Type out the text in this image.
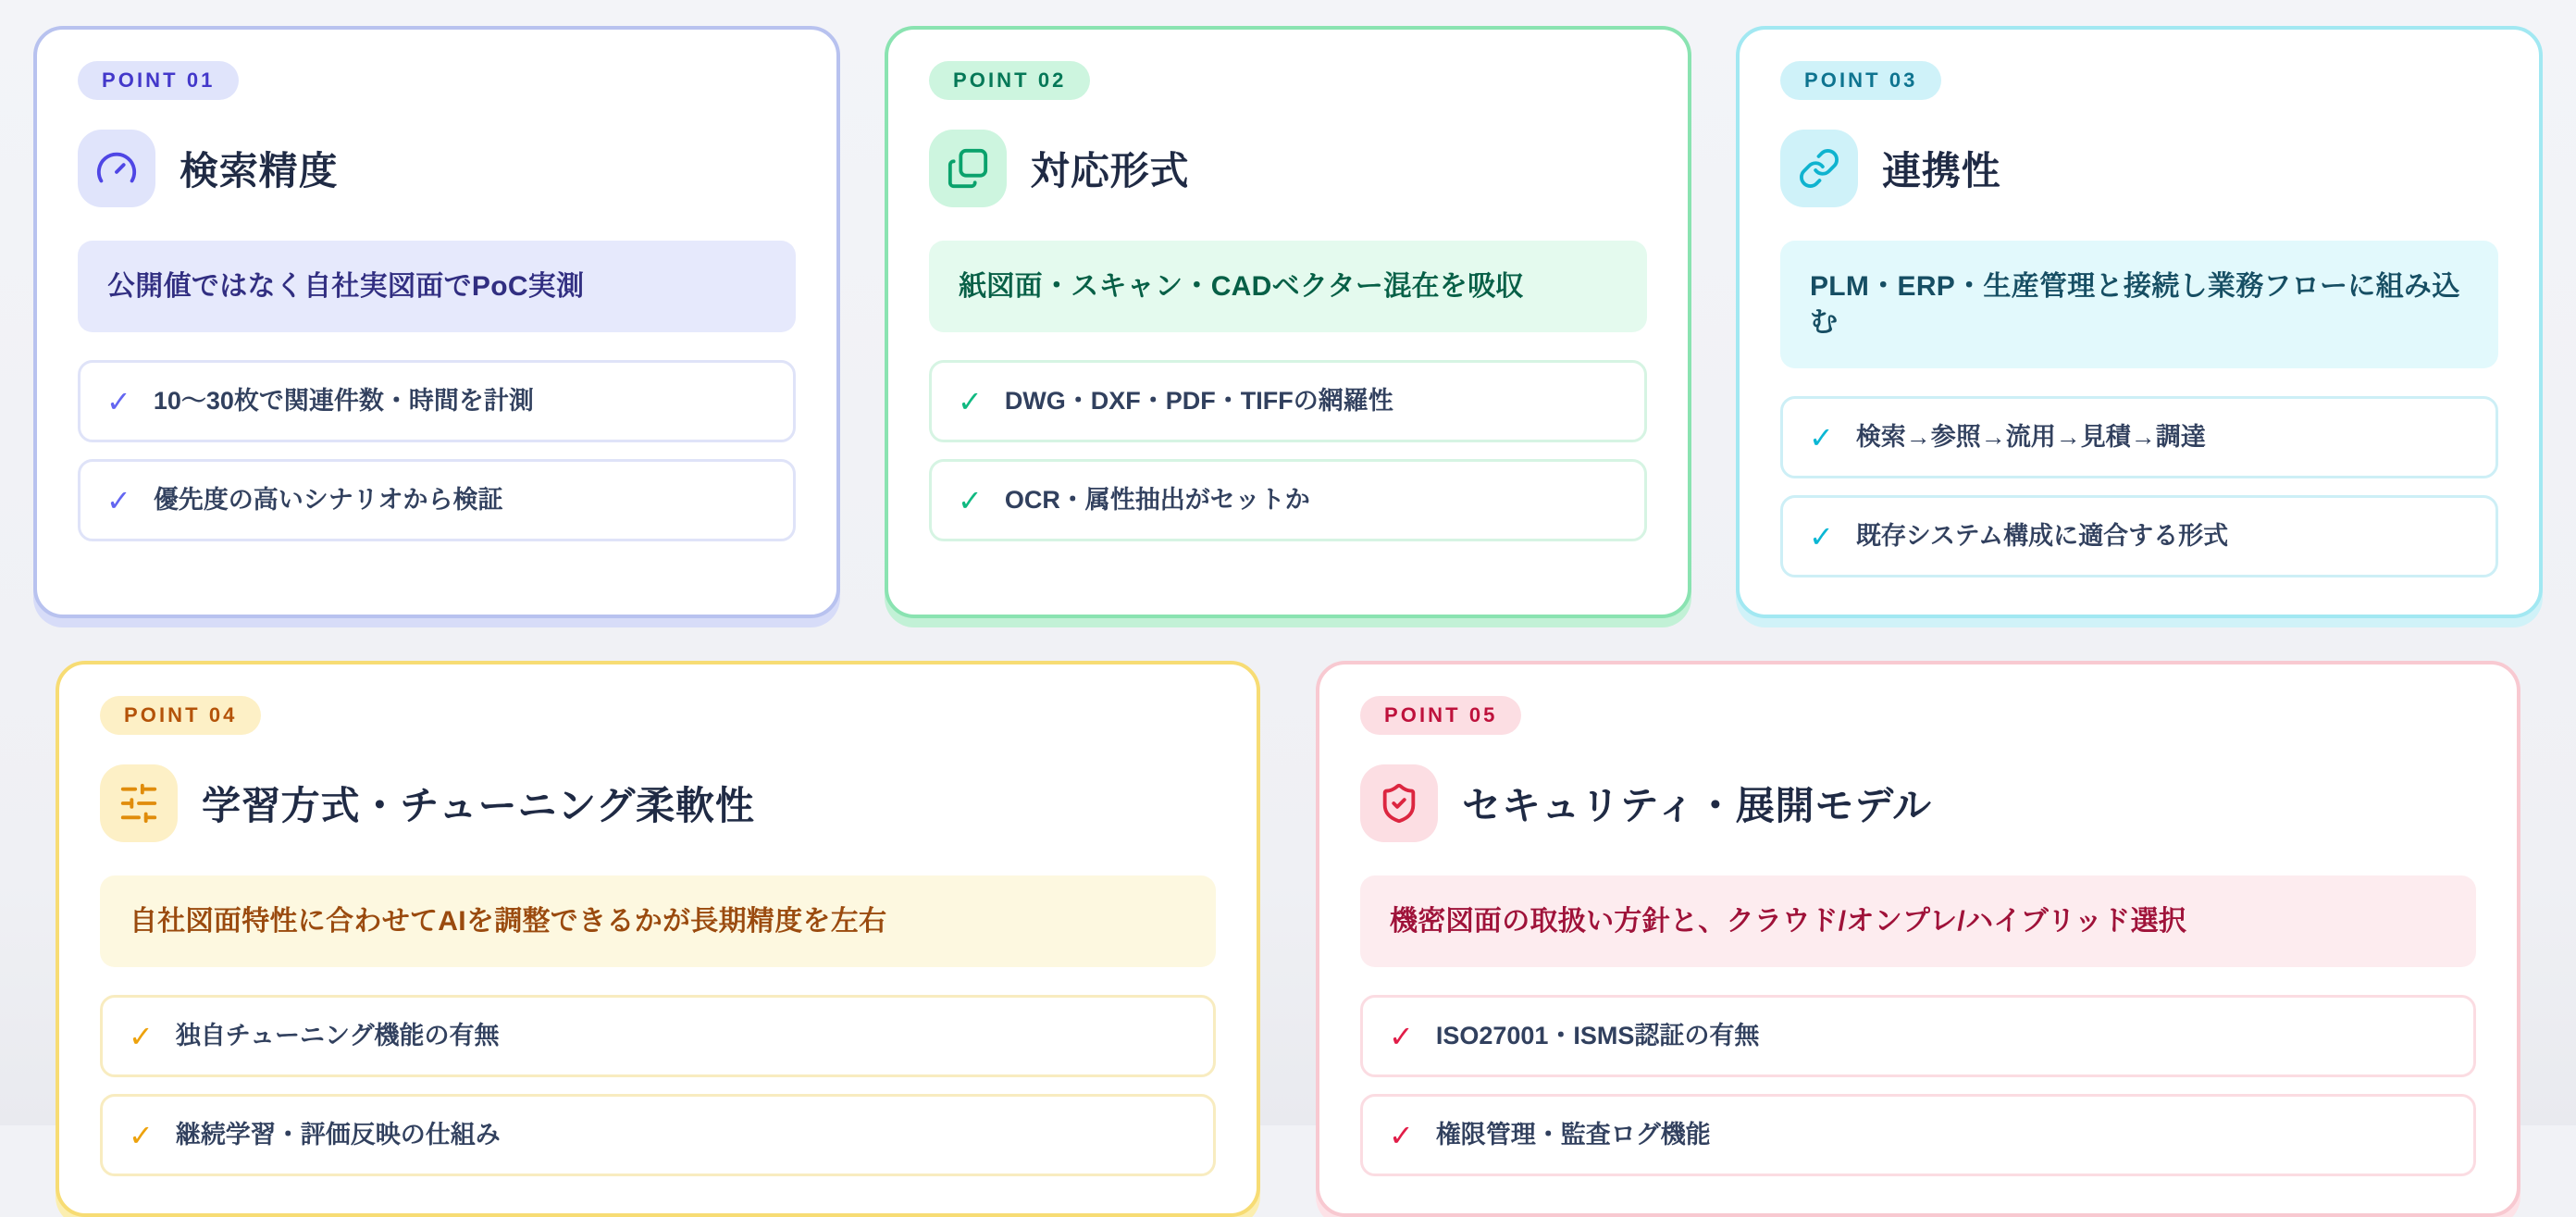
POINT 01
検索精度
公開値ではなく自社実図面でPoC実測
✓ 10〜30枚で関連件数・時間を計測
✓ 優先度の高いシナリオから検証
POINT 02
対応形式
紙図面・スキャン・CADベクター混在を吸収
✓ DWG・DXF・PDF・TIFFの網羅性
✓ OCR・属性抽出がセットか
POINT 03
連携性
PLM・ERP・生産管理と接続し業務フローに組み込む
✓ 検索→参照→流用→見積→調達
✓ 既存システム構成に適合する形式
POINT 04
学習方式・チューニング柔軟性
自社図面特性に合わせてAIを調整できるかが長期精度を左右
✓ 独自チューニング機能の有無
✓ 継続学習・評価反映の仕組み
POINT 05
セキュリティ・展開モデル
機密図面の取扱い方針と、クラウド/オンプレ/ハイブリッド選択
✓ ISO27001・ISMS認証の有無
✓ 権限管理・監査ログ機能
